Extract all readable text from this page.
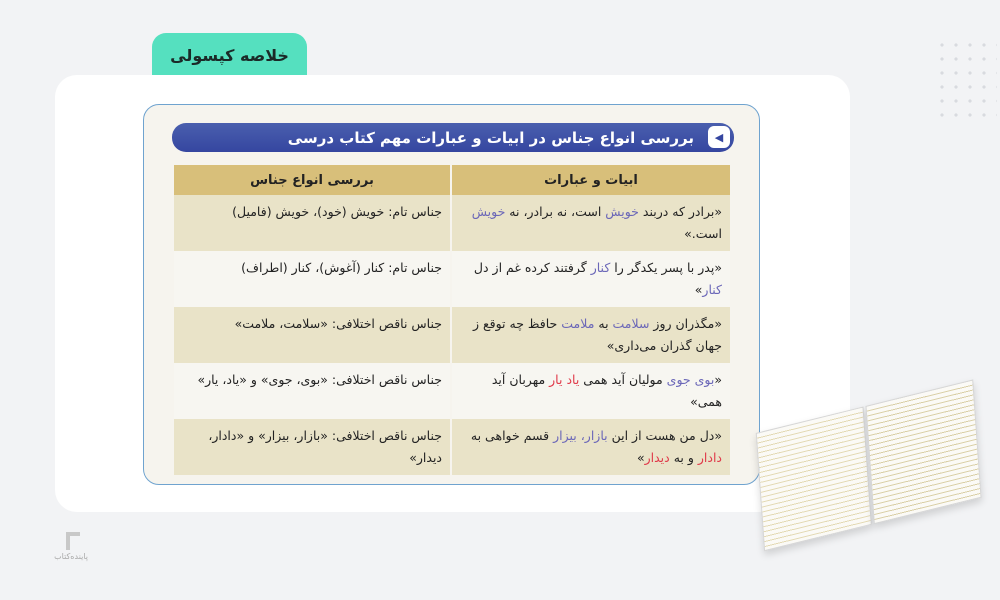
خلاصه کپسولی
◀
بررسی انواع جناس در ابیات و عبارات مهم کتاب درسی
ابیات و عبارات	بررسی انواع جناس
«برادر که دربند خویش است، نه برادر، نه خویش است.»	جناس تام: خویش (خود)، خویش (فامیل)
«پدر با پسر یکدگر را کنار گرفتند کرده غم از دل کنار»	جناس تام: کنار (آغوش)، کنار (اطراف)
«مگذران روز سلامت به ملامت حافظ چه توقع ز جهان گذران می‌داری»	جناس ناقص اختلافی: «سلامت، ملامت»
«بوی جوی مولیان آید همی یاد یار مهربان آید همی»	جناس ناقص اختلافی: «بوی، جوی» و «یاد، یار»
«دل من هست از این بازار، بیزار قسم خواهی به دادار و به دیدار»	جناس ناقص اختلافی: «بازار، بیزار» و «دادار، دیدار»
پاینده‌کتاب
